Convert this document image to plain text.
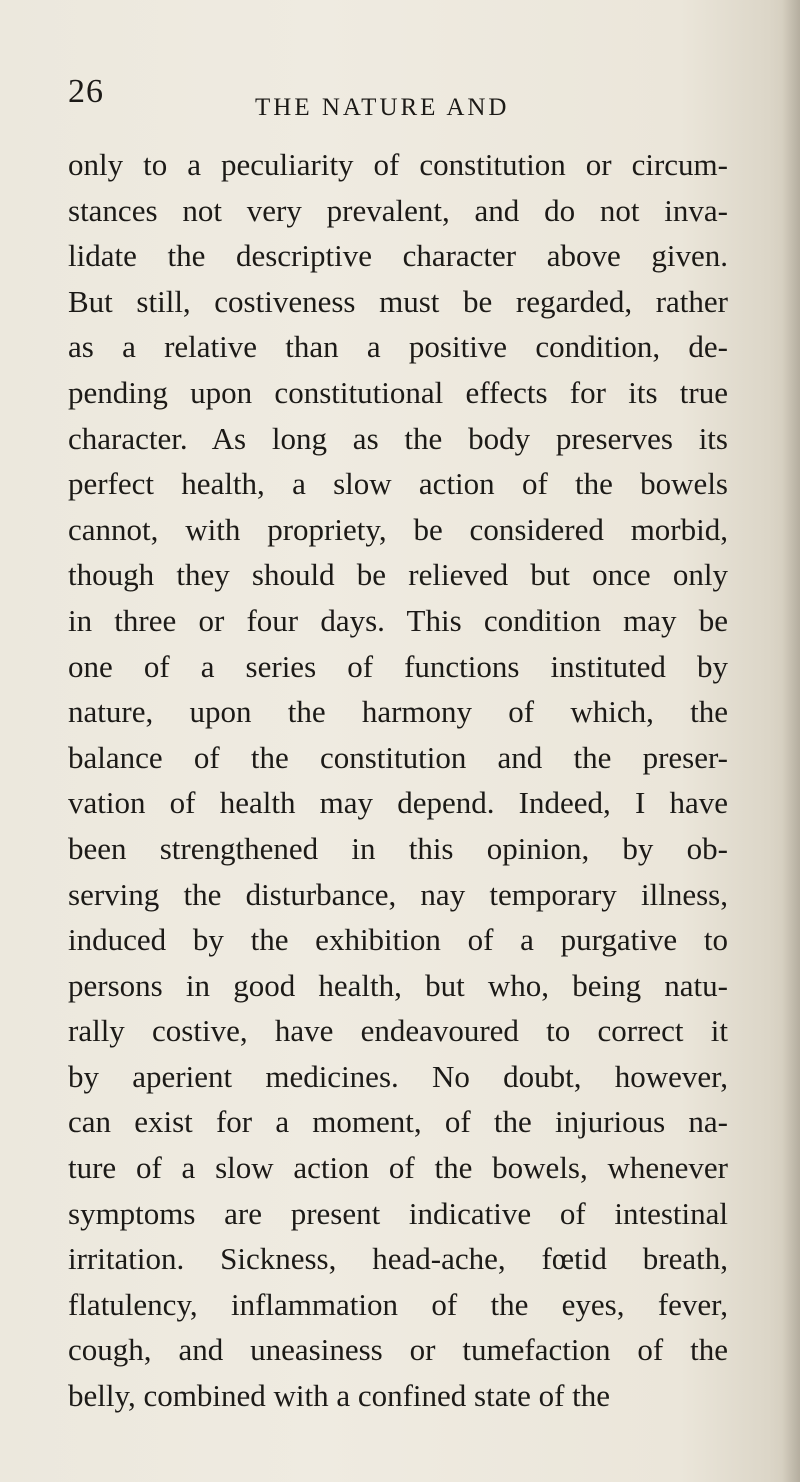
26	THE NATURE AND
only to a peculiarity of constitution or circum-
stances not very prevalent, and do not inva-
lidate the descriptive character above given.
But still, costiveness must be regarded, rather
as a relative than a positive condition, de-
pending upon constitutional effects for its true
character. As long as the body preserves its
perfect health, a slow action of the bowels
cannot, with propriety, be considered morbid,
though they should be relieved but once only
in three or four days. This condition may be
one of a series of functions instituted by
nature, upon the harmony of which, the
balance of the constitution and the preser-
vation of health may depend. Indeed, I have
been strengthened in this opinion, by ob-
serving the disturbance, nay temporary illness,
induced by the exhibition of a purgative to
persons in good health, but who, being natu-
rally costive, have endeavoured to correct it
by aperient medicines. No doubt, however,
can exist for a moment, of the injurious na-
ture of a slow action of the bowels, whenever
symptoms are present indicative of intestinal
irritation. Sickness, head-ache, fœtid breath,
flatulency, inflammation of the eyes, fever,
cough, and uneasiness or tumefaction of the
belly, combined with a confined state of the
